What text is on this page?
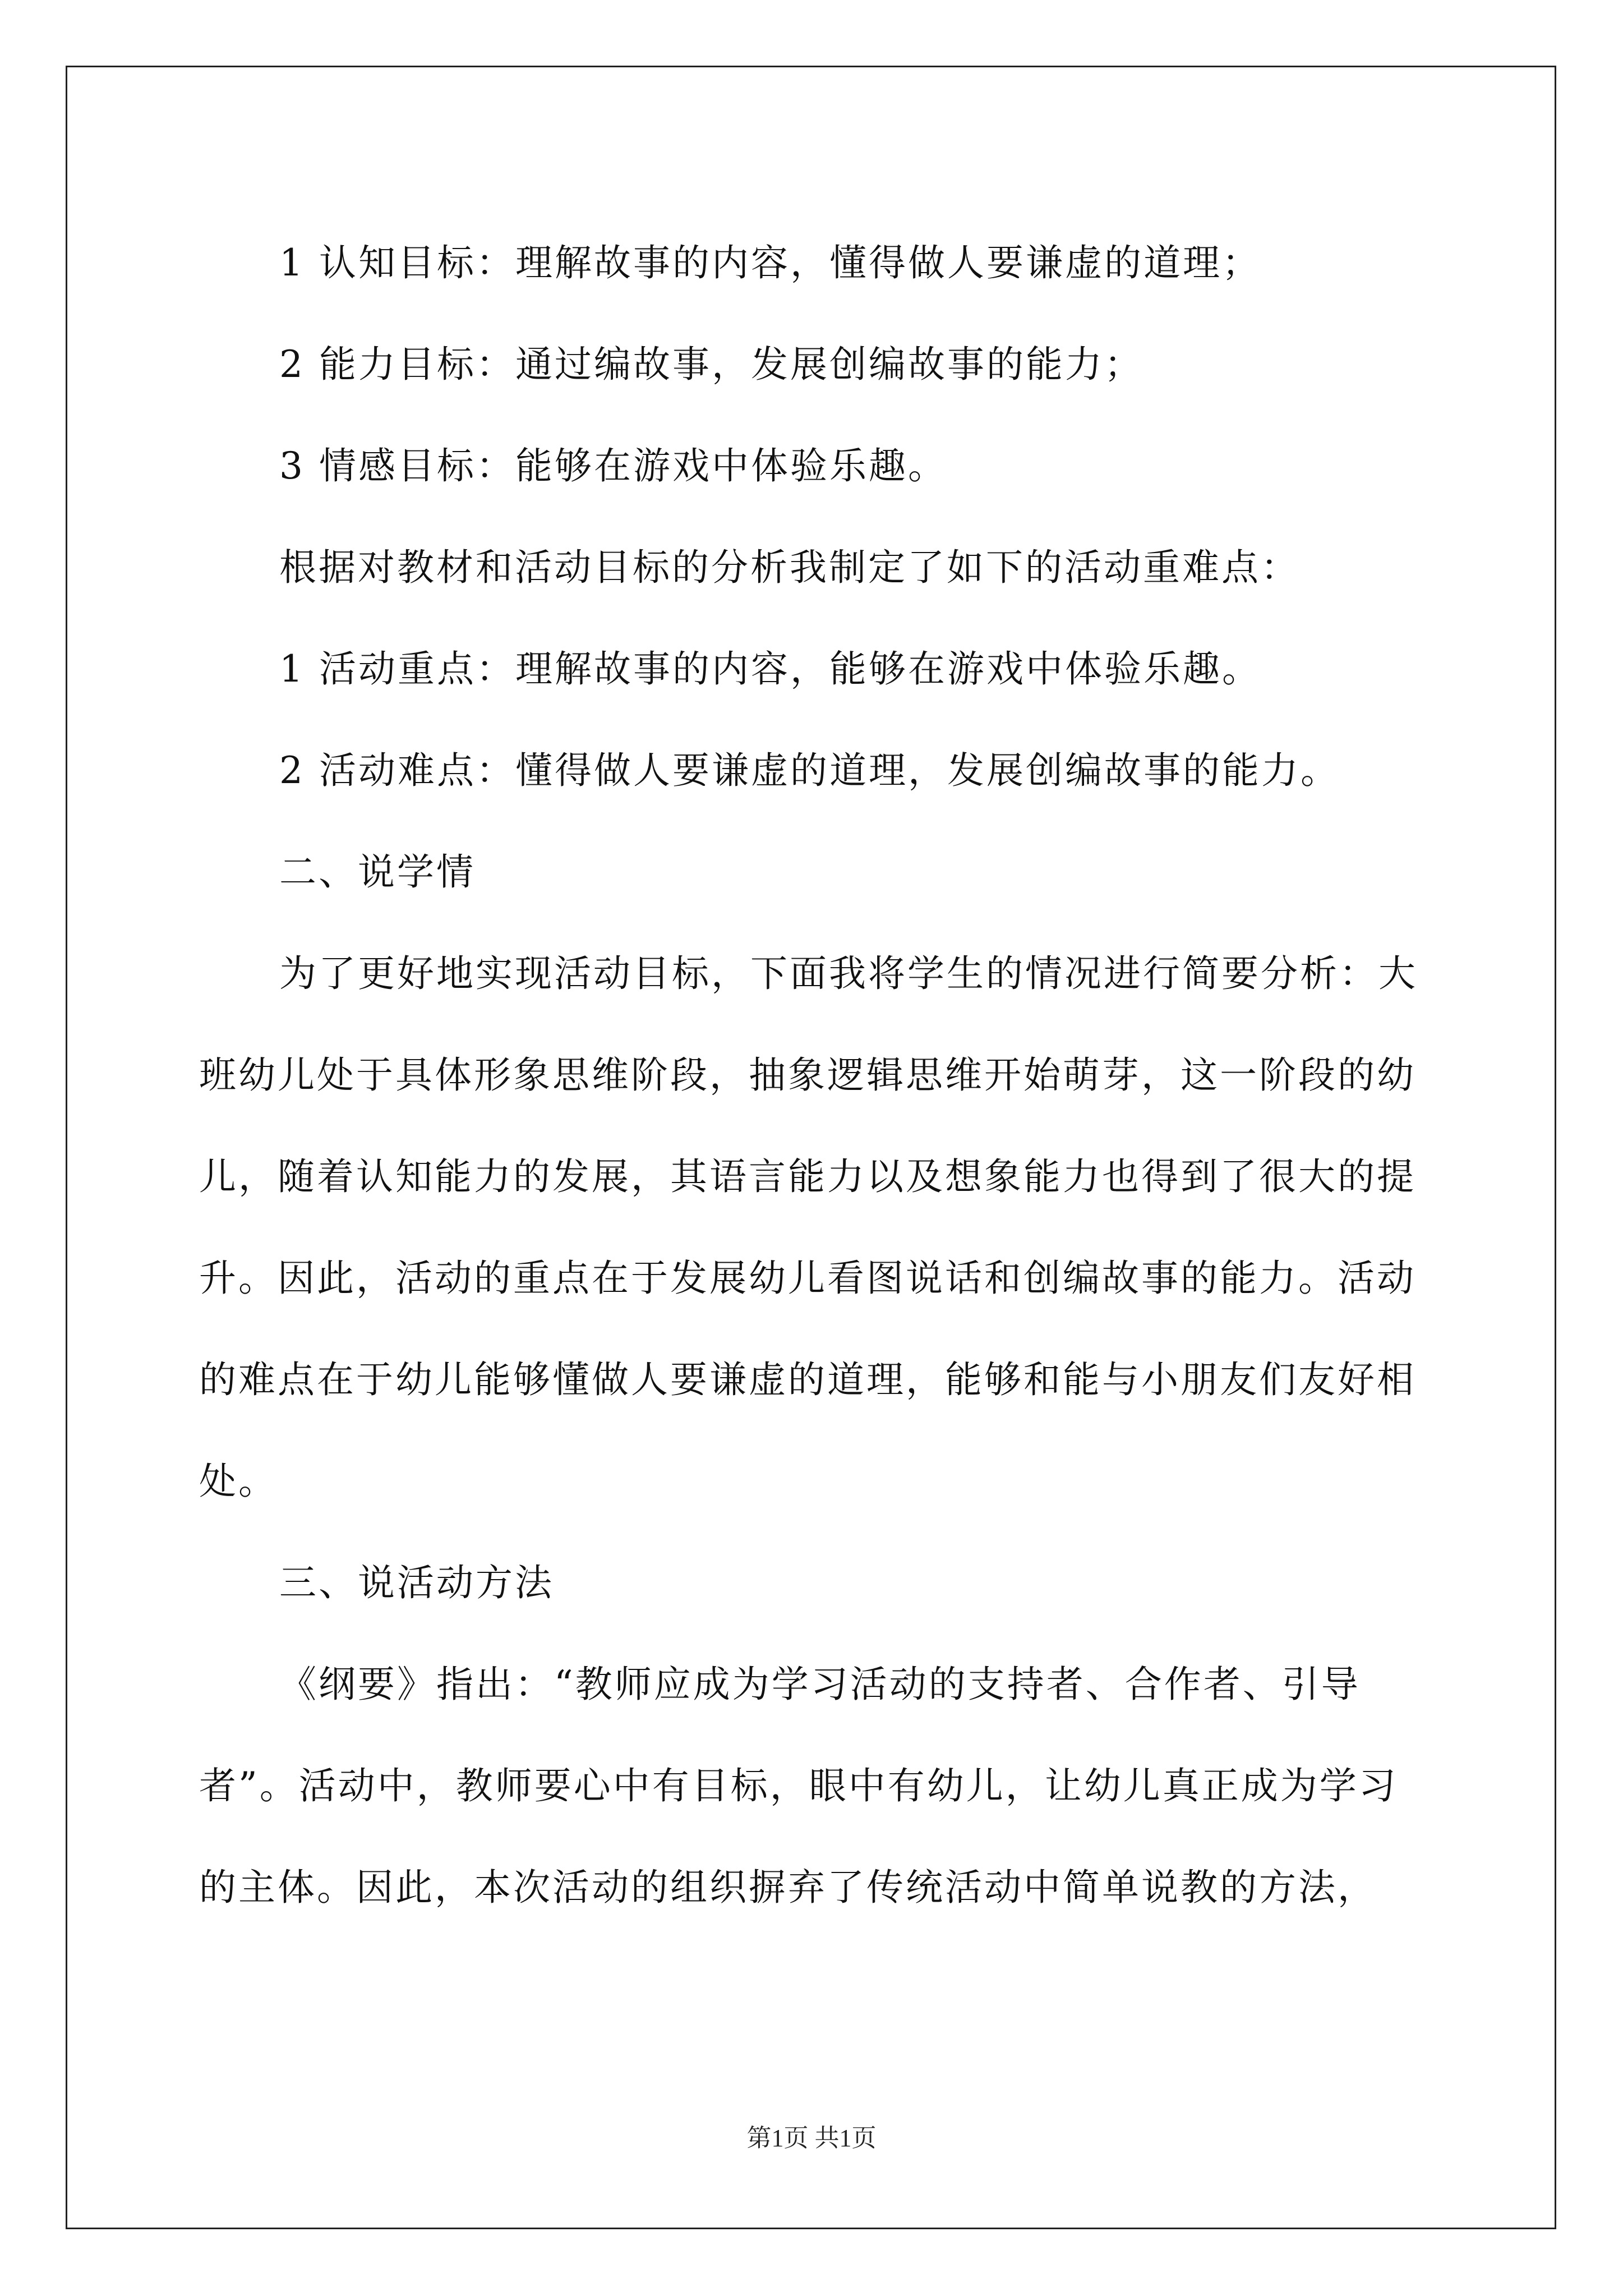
1 认知目标：理解故事的内容，懂得做人要谦虚的道理；

2 能力目标：通过编故事，发展创编故事的能力；

3 情感目标：能够在游戏中体验乐趣。

根据对教材和活动目标的分析我制定了如下的活动重难点：

1 活动重点：理解故事的内容，能够在游戏中体验乐趣。

2 活动难点：懂得做人要谦虚的道理，发展创编故事的能力。

二、说学情

为了更好地实现活动目标，下面我将学生的情况进行简要分析：大班幼儿处于具体形象思维阶段，抽象逻辑思维开始萌芽，这一阶段的幼儿，随着认知能力的发展，其语言能力以及想象能力也得到了很大的提升。因此，活动的重点在于发展幼儿看图说话和创编故事的能力。活动的难点在于幼儿能够懂做人要谦虚的道理，能够和能与小朋友们友好相处。

三、说活动方法

《纲要》指出：“教师应成为学习活动的支持者、合作者、引导者”。活动中，教师要心中有目标，眼中有幼儿，让幼儿真正成为学习的主体。因此，本次活动的组织摒弃了传统活动中简单说教的方法，

第1页 共1页
